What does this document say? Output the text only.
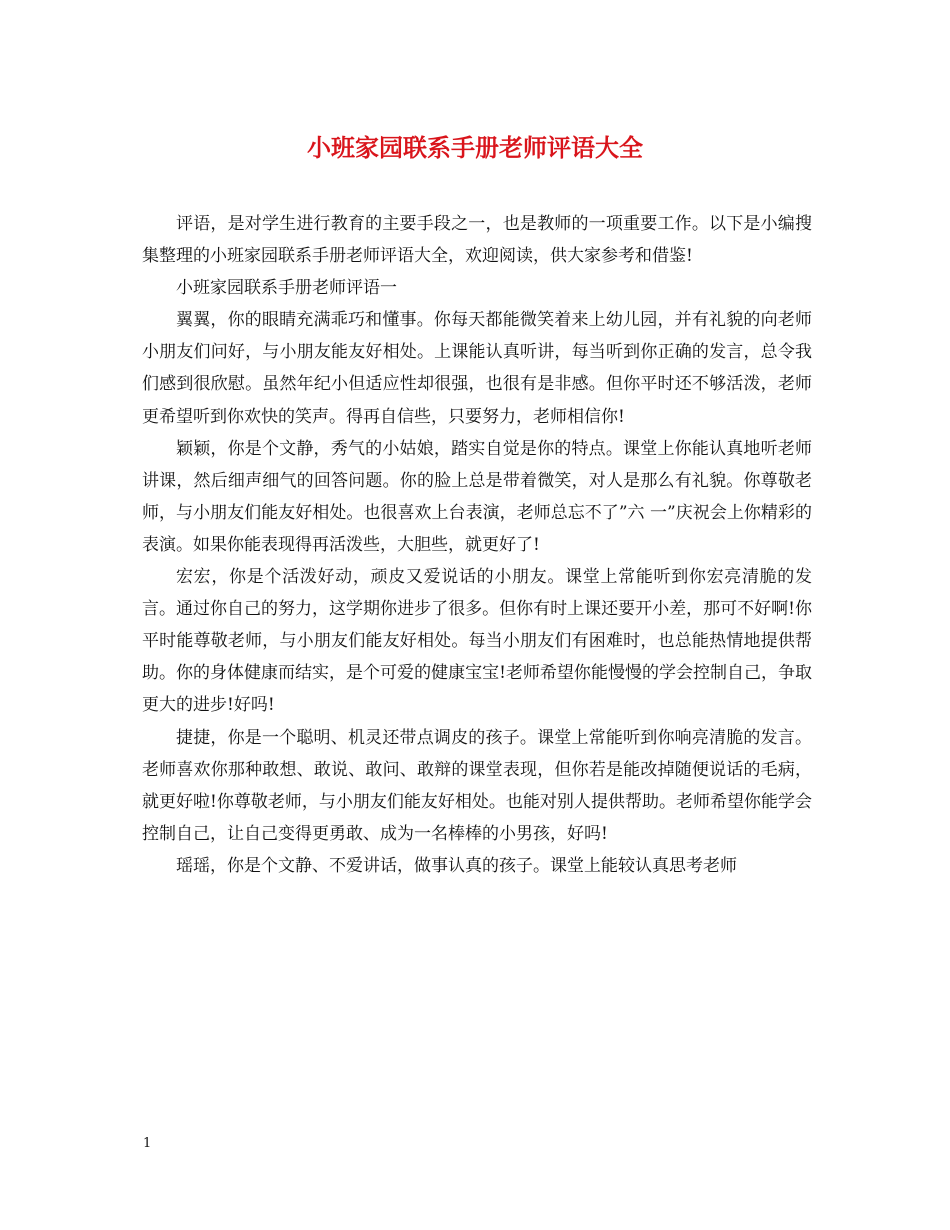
小班家园联系手册老师评语大全

评语，是对学生进行教育的主要手段之一，也是教师的一项重要工作。以下是小编搜集整理的小班家园联系手册老师评语大全，欢迎阅读，供大家参考和借鉴!

小班家园联系手册老师评语一

翼翼，你的眼睛充满乖巧和懂事。你每天都能微笑着来上幼儿园，并有礼貌的向老师小朋友们问好，与小朋友能友好相处。上课能认真听讲，每当听到你正确的发言，总令我们感到很欣慰。虽然年纪小但适应性却很强，也很有是非感。但你平时还不够活泼，老师更希望听到你欢快的笑声。得再自信些，只要努力，老师相信你!

颖颖，你是个文静，秀气的小姑娘，踏实自觉是你的特点。课堂上你能认真地听老师讲课，然后细声细气的回答问题。你的脸上总是带着微笑，对人是那么有礼貌。你尊敬老师，与小朋友们能友好相处。也很喜欢上台表演，老师总忘不了”六 一”庆祝会上你精彩的表演。如果你能表现得再活泼些，大胆些，就更好了!

宏宏，你是个活泼好动，顽皮又爱说话的小朋友。课堂上常能听到你宏亮清脆的发言。通过你自己的努力，这学期你进步了很多。但你有时上课还要开小差，那可不好啊!你平时能尊敬老师，与小朋友们能友好相处。每当小朋友们有困难时，也总能热情地提供帮助。你的身体健康而结实，是个可爱的健康宝宝!老师希望你能慢慢的学会控制自己，争取更大的进步!好吗!

捷捷，你是一个聪明、机灵还带点调皮的孩子。课堂上常能听到你响亮清脆的发言。老师喜欢你那种敢想、敢说、敢问、敢辩的课堂表现，但你若是能改掉随便说话的毛病，就更好啦!你尊敬老师，与小朋友们能友好相处。也能对别人提供帮助。老师希望你能学会控制自己，让自己变得更勇敢、成为一名棒棒的小男孩，好吗!

瑶瑶，你是个文静、不爱讲话，做事认真的孩子。课堂上能较认真思考老师

1
